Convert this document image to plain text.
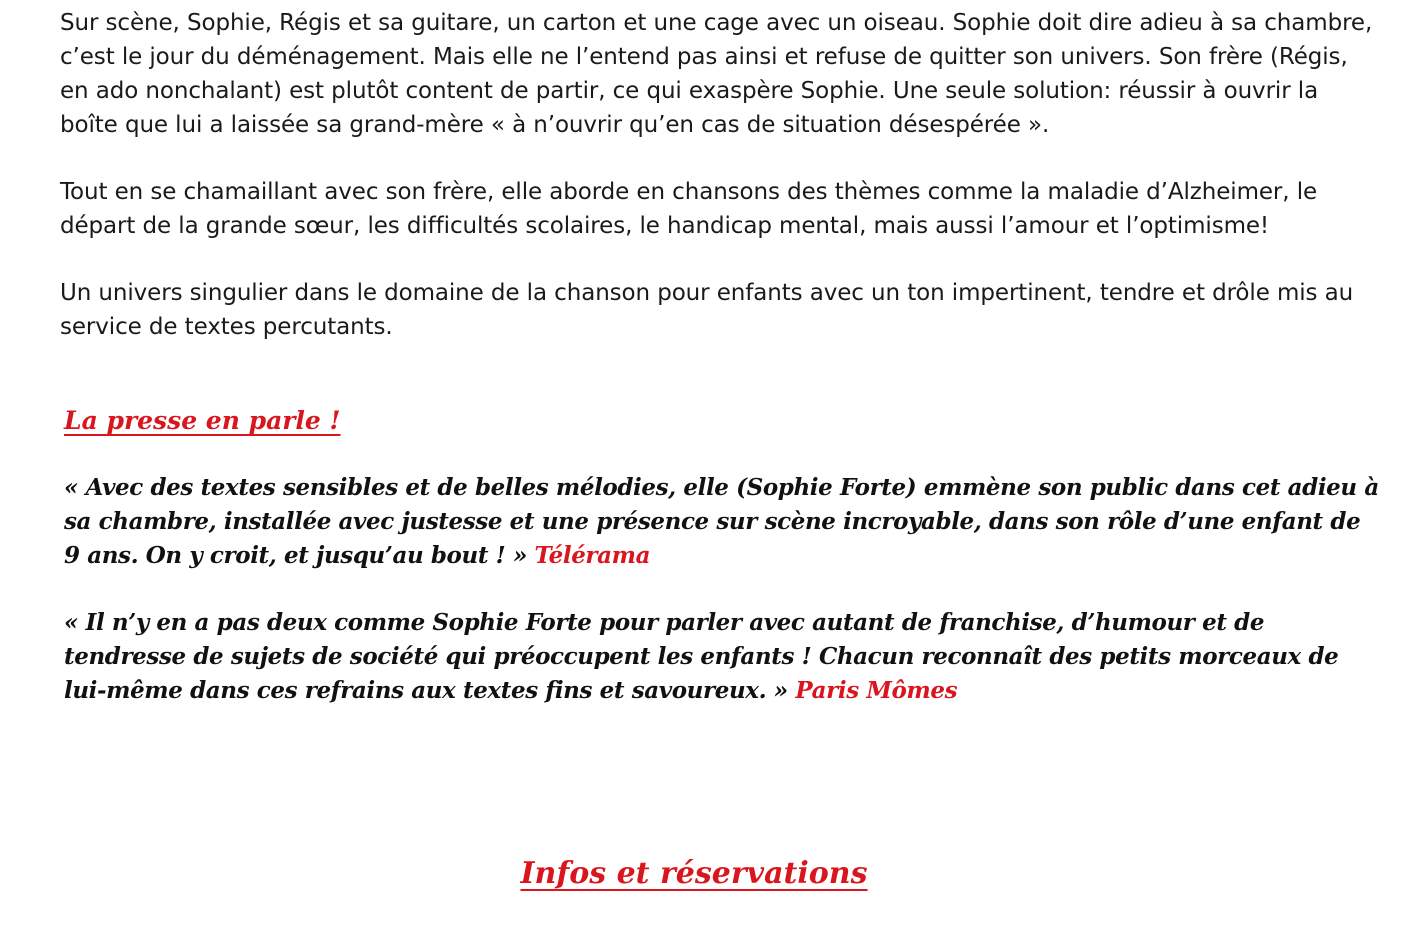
Sur scène, Sophie, Régis et sa guitare, un carton et une cage avec un oiseau. Sophie doit dire adieu à sa chambre, c’est le jour du déménagement. Mais elle ne l’entend pas ainsi et refuse de quitter son univers. Son frère (Régis, en ado nonchalant) est plutôt content de partir, ce qui exaspère Sophie. Une seule solution: réussir à ouvrir la boîte que lui a laissée sa grand-mère « à n’ouvrir qu’en cas de situation désespérée ».

Tout en se chamaillant avec son frère, elle aborde en chansons des thèmes comme la maladie d’Alzheimer, le départ de la grande sœur, les difficultés scolaires, le handicap mental, mais aussi l’amour et l’optimisme!

Un univers singulier dans le domaine de la chanson pour enfants avec un ton impertinent, tendre et drôle mis au service de textes percutants.

La presse en parle !

« Avec des textes sensibles et de belles mélodies, elle (Sophie Forte) emmène son public dans cet adieu à sa chambre, installée avec justesse et une présence sur scène incroyable, dans son rôle d’une enfant de 9 ans. On y croit, et jusqu’au bout ! » Télérama

« Il n’y en a pas deux comme Sophie Forte pour parler avec autant de franchise, d’humour et de tendresse de sujets de société qui préoccupent les enfants ! Chacun reconnaît des petits morceaux de lui-même dans ces refrains aux textes fins et savoureux. » Paris Mômes

Infos et réservations
